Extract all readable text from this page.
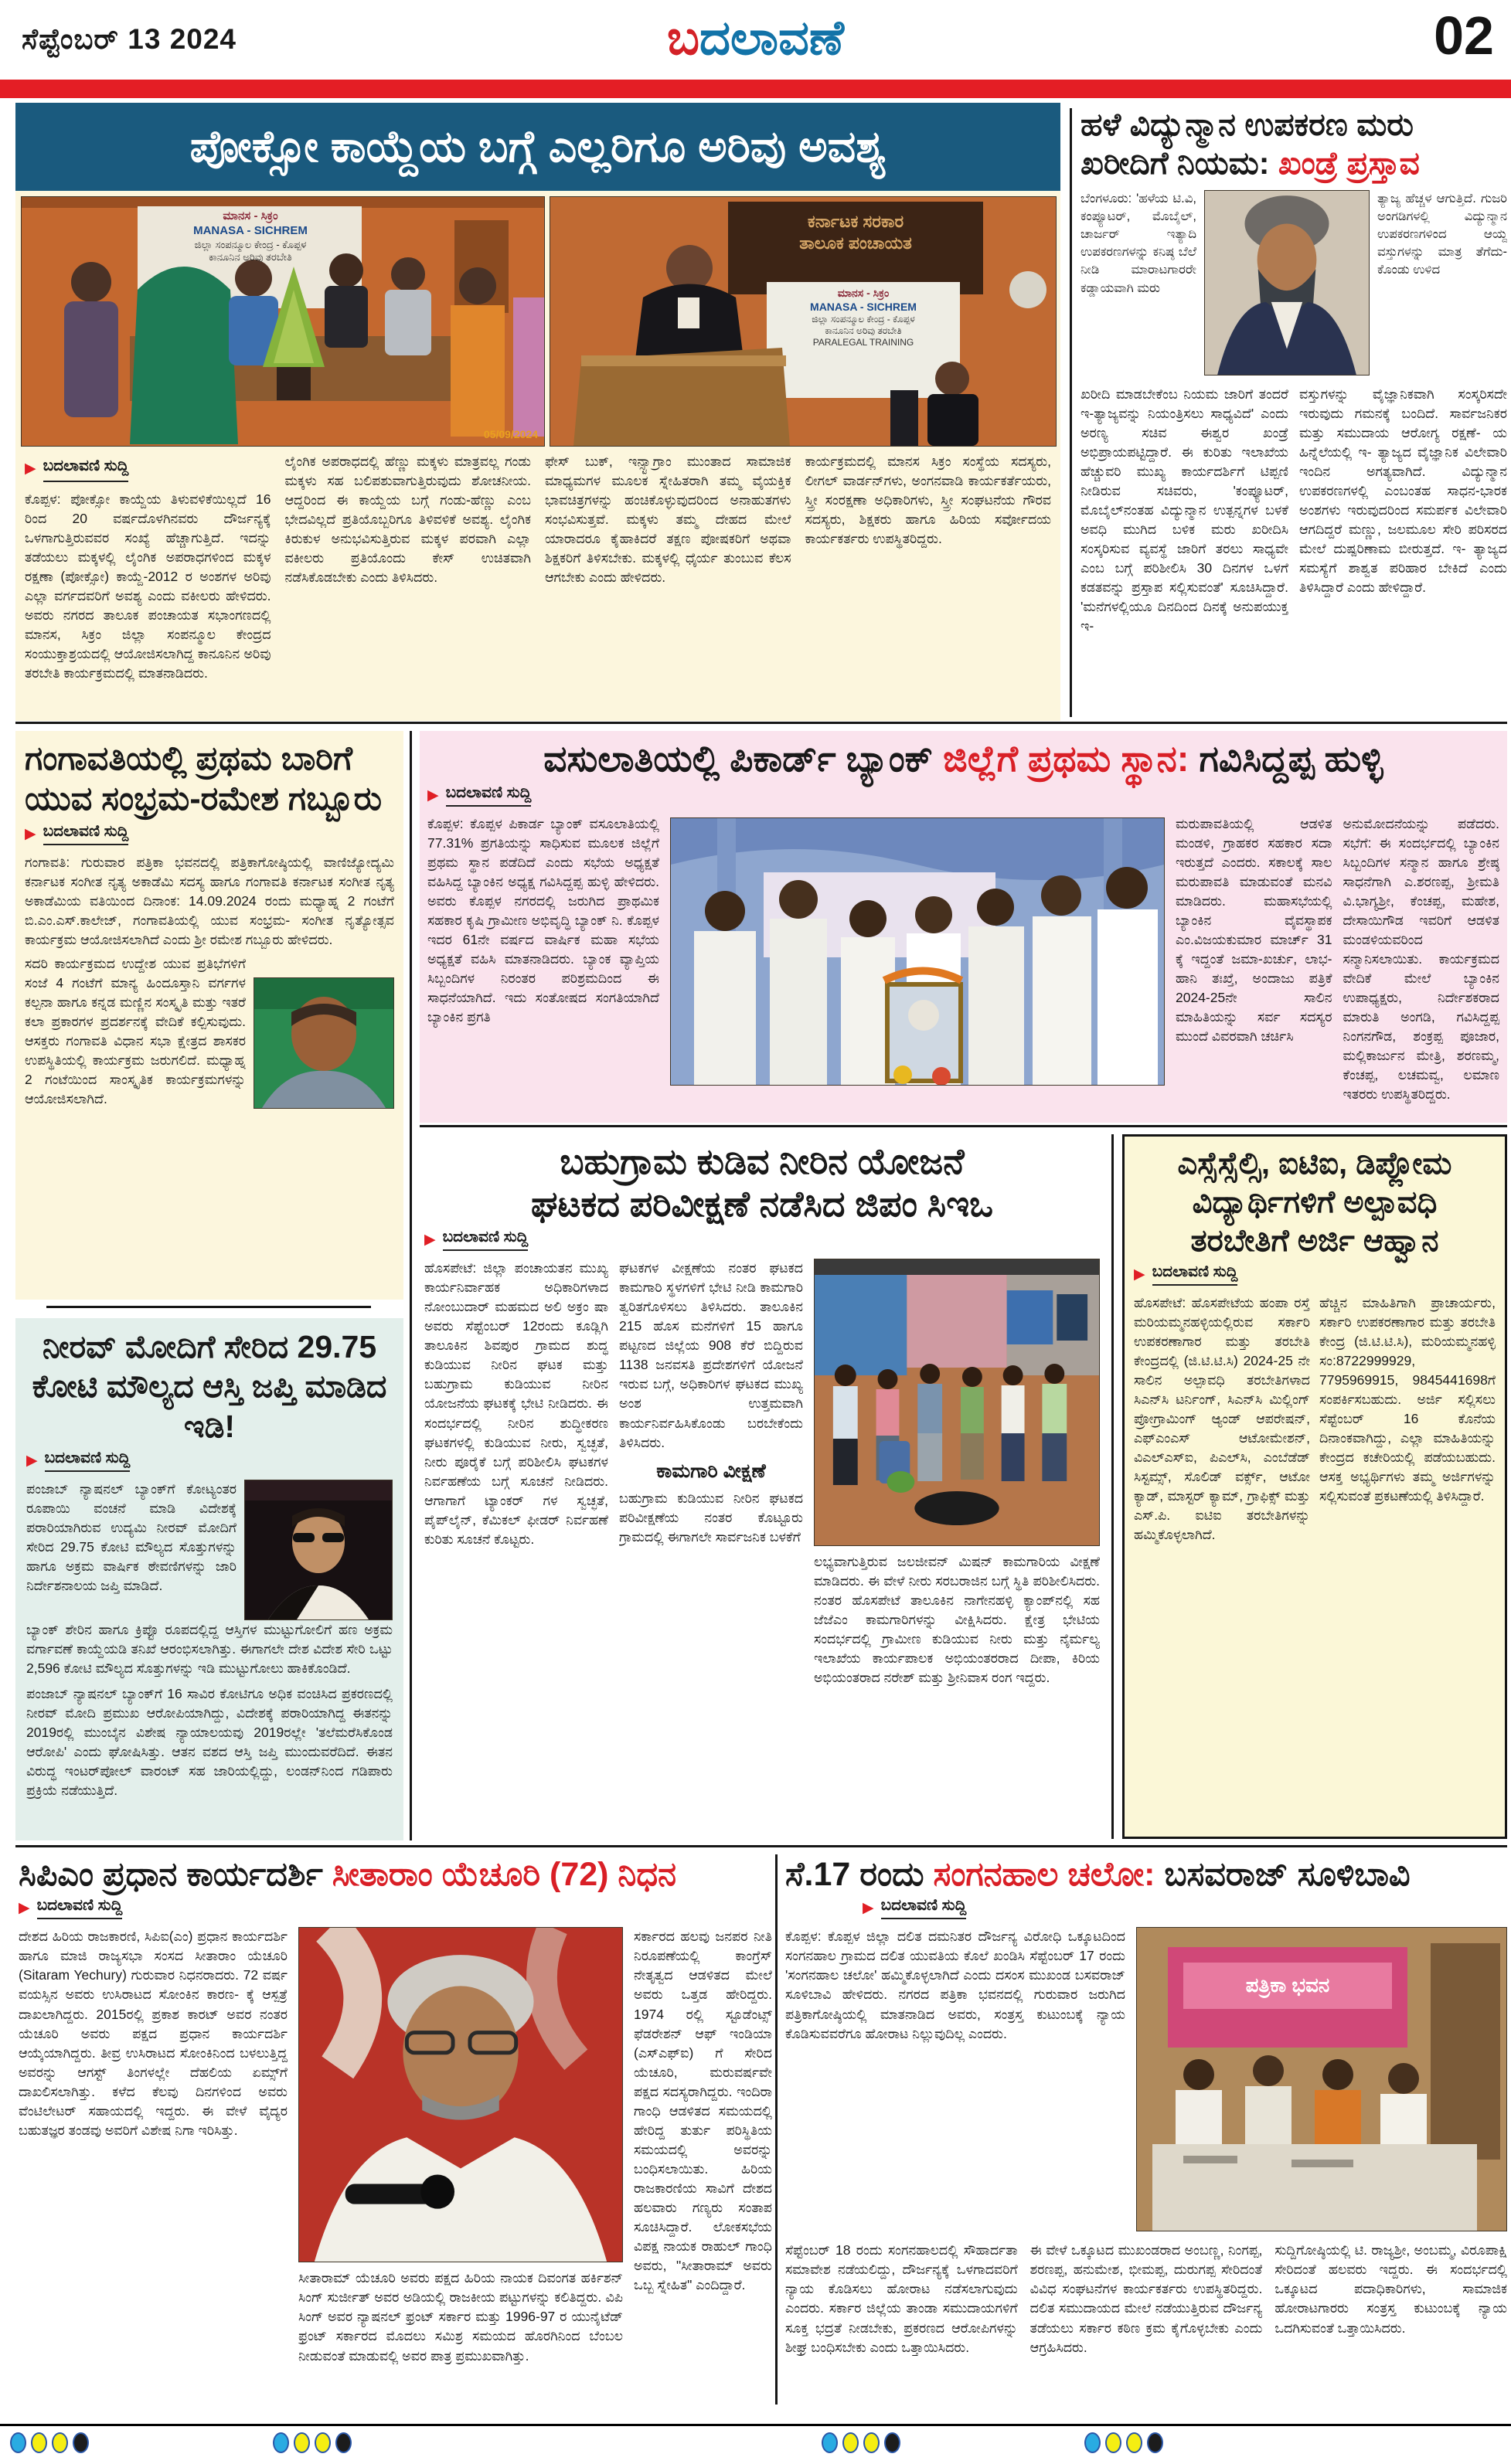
ಸೆಪ್ಟೆಂಬರ್ 13 2024	ಬದಲಾವಣೆ	02
ಪೋಕ್ಸೋ ಕಾಯ್ದೆಯ ಬಗ್ಗೆ ಎಲ್ಲರಿಗೂ ಅರಿವು ಅವಶ್ಯ
ಮಾನಸ - ಸಿಕ್ರಂ
MANASA - SICHREM
ಜಿಲ್ಲಾ ಸಂಪನ್ಮೂಲ ಕೇಂದ್ರ - ಕೊಪ್ಪಳ
ಕಾನೂನಿನ ಅರಿವು ತರಬೇತಿ
05/09/2024
ಕರ್ನಾಟಕ ಸರಕಾರ
ತಾಲೂಕ ಪಂಚಾಯತ
ಮಾನಸ - ಸಿಕ್ರಂ
MANASA - SICHREM
ಜಿಲ್ಲಾ ಸಂಪನ್ಮೂಲ ಕೇಂದ್ರ - ಕೊಪ್ಪಳ
ಕಾನೂನಿನ ಅರಿವು ತರಬೇತಿ
PARALEGAL TRAINING
▶ ಬದಲಾವಣಿ ಸುದ್ದಿ
ಕೊಪ್ಪಳ: ಪೋಕ್ಸೋ ಕಾಯ್ದೆಯ ತಿಳುವಳಿಕೆಯಿಲ್ಲದೆ 16 ರಿಂದ 20 ವರ್ಷದೊಳಗಿನವರು ದೌರ್ಜನ್ಯಕ್ಕೆ ಒಳಗಾಗುತ್ತಿರುವವರ ಸಂಖ್ಯೆ ಹೆಚ್ಚಾಗುತ್ತಿದೆ. ಇದನ್ನು ತಡೆಯಲು ಮಕ್ಕಳಲ್ಲಿ ಲೈಂಗಿಕ ಅಪರಾಧಗಳಿಂದ ಮಕ್ಕಳ ರಕ್ಷಣಾ (ಪೋಕ್ಸೋ) ಕಾಯ್ದೆ-2012 ರ ಅಂಶಗಳ ಅರಿವು ಎಲ್ಲಾ ವರ್ಗದವರಿಗೆ ಅವಶ್ಯ ಎಂದು ವಕೀಲರು ಹೇಳಿದರು. ಅವರು ನಗರದ ತಾಲೂಕ ಪಂಚಾಯತ ಸಭಾಂಗಣದಲ್ಲಿ ಮಾನಸ, ಸಿಕ್ರಂ ಜಿಲ್ಲಾ ಸಂಪನ್ಮೂಲ ಕೇಂದ್ರದ ಸಂಯುಕ್ತಾಶ್ರಯದಲ್ಲಿ ಆಯೋಜಿಸಲಾಗಿದ್ದ ಕಾನೂನಿನ ಅರಿವು ತರಬೇತಿ ಕಾರ್ಯಕ್ರಮದಲ್ಲಿ ಮಾತನಾಡಿದರು.
ಲೈಂಗಿಕ ಅಪರಾಧದಲ್ಲಿ ಹೆಣ್ಣು ಮಕ್ಕಳು ಮಾತ್ರವಲ್ಲ ಗಂಡು ಮಕ್ಕಳು ಸಹ ಬಲಿಪಶುವಾಗುತ್ತಿರುವುದು ಶೋಚನೀಯ. ಆದ್ದರಿಂದ ಈ ಕಾಯ್ದೆಯ ಬಗ್ಗೆ ಗಂಡು-ಹೆಣ್ಣು ಎಂಬ ಭೇದವಿಲ್ಲದೆ ಪ್ರತಿಯೊಬ್ಬರಿಗೂ ತಿಳಿವಳಿಕೆ ಅವಶ್ಯ. ಲೈಂಗಿಕ ಕಿರುಕುಳ ಅನುಭವಿಸುತ್ತಿರುವ ಮಕ್ಕಳ ಪರವಾಗಿ ಎಲ್ಲಾ ವಕೀಲರು ಪ್ರತಿಯೊಂದು ಕೇಸ್ ಉಚಿತವಾಗಿ ನಡೆಸಿಕೊಡಬೇಕು ಎಂದು ತಿಳಿಸಿದರು.
ಫೇಸ್ ಬುಕ್, ಇನ್ಸ್ಟಾಗ್ರಾಂ ಮುಂತಾದ ಸಾಮಾಜಿಕ ಮಾಧ್ಯಮಗಳ ಮೂಲಕ ಸ್ನೇಹಿತರಾಗಿ ತಮ್ಮ ವೈಯಕ್ತಿಕ ಭಾವಚಿತ್ರಗಳನ್ನು ಹಂಚಿಕೊಳ್ಳುವುದರಿಂದ ಅನಾಹುತಗಳು ಸಂಭವಿಸುತ್ತವೆ. ಮಕ್ಕಳು ತಮ್ಮ ದೇಹದ ಮೇಲೆ ಯಾರಾದರೂ ಕೈಹಾಕಿದರೆ ತಕ್ಷಣ ಪೋಷಕರಿಗೆ ಅಥವಾ ಶಿಕ್ಷಕರಿಗೆ ತಿಳಿಸಬೇಕು. ಮಕ್ಕಳಲ್ಲಿ ಧೈರ್ಯ ತುಂಬುವ ಕೆಲಸ ಆಗಬೇಕು ಎಂದು ಹೇಳಿದರು.
ಕಾರ್ಯಕ್ರಮದಲ್ಲಿ ಮಾನಸ ಸಿಕ್ರಂ ಸಂಸ್ಥೆಯ ಸದಸ್ಯರು, ಲೀಗಲ್ ವಾರ್ಡನ್‌ಗಳು, ಅಂಗನವಾಡಿ ಕಾರ್ಯಕರ್ತೆಯರು, ಸ್ತ್ರೀ ಸಂರಕ್ಷಣಾ ಅಧಿಕಾರಿಗಳು, ಸ್ತ್ರೀ ಸಂಘಟನೆಯ ಗೌರವ ಸದಸ್ಯರು, ಶಿಕ್ಷಕರು ಹಾಗೂ ಹಿರಿಯ ಸರ್ವೋದಯ ಕಾರ್ಯಕರ್ತರು ಉಪಸ್ಥಿತರಿದ್ದರು.
ಹಳೆ ವಿದ್ಯುನ್ಮಾನ ಉಪಕರಣ ಮರು ಖರೀದಿಗೆ ನಿಯಮ: ಖಂಡ್ರೆ ಪ್ರಸ್ತಾವ
ಬೆಂಗಳೂರು: 'ಹಳೆಯ ಟಿ.ವಿ, ಕಂಪ್ಯೂಟರ್, ಮೊಬೈಲ್, ಚಾರ್ಜರ್ ಇತ್ಯಾದಿ ಉಪಕರಣಗಳನ್ನು ಕನಿಷ್ಠ ಬೆಲೆ ನೀಡಿ ಮಾರಾಟಗಾರರೇ ಕಡ್ಡಾಯವಾಗಿ ಮರು
ತ್ಯಾಜ್ಯ ಹೆಚ್ಚಳ ಆಗುತ್ತಿದೆ. ಗುಜರಿ ಅಂಗಡಿಗಳಲ್ಲಿ ವಿದ್ಯುನ್ಮಾನ ಉಪಕರಣಗಳಿಂದ ಆಯ್ದ ವಸ್ತುಗಳನ್ನು ಮಾತ್ರ ತೆಗೆದು- ಕೊಂಡು ಉಳಿದ
ಖರೀದಿ ಮಾಡಬೇಕೆಂಬ ನಿಯಮ ಜಾರಿಗೆ ತಂದರೆ ಇ-ತ್ಯಾಜ್ಯವನ್ನು ನಿಯಂತ್ರಿಸಲು ಸಾಧ್ಯವಿದೆ' ಎಂದು ಅರಣ್ಯ ಸಚಿವ ಈಶ್ವರ ಖಂಡ್ರೆ ಅಭಿಪ್ರಾಯಪಟ್ಟಿದ್ದಾರೆ. ಈ ಕುರಿತು ಇಲಾಖೆಯ ಹೆಚ್ಚುವರಿ ಮುಖ್ಯ ಕಾರ್ಯದರ್ಶಿಗೆ ಟಿಪ್ಪಣಿ ನೀಡಿರುವ ಸಚಿವರು, 'ಕಂಪ್ಯೂಟರ್, ಮೊಬೈಲ್‌ನಂತಹ ವಿದ್ಯುನ್ಮಾನ ಉತ್ಪನ್ನಗಳ ಬಳಕೆ ಅವಧಿ ಮುಗಿದ ಬಳಿಕ ಮರು ಖರೀದಿಸಿ ಸಂಸ್ಕರಿಸುವ ವ್ಯವಸ್ಥೆ ಜಾರಿಗೆ ತರಲು ಸಾಧ್ಯವೇ ಎಂಬ ಬಗ್ಗೆ ಪರಿಶೀಲಿಸಿ 30 ದಿನಗಳ ಒಳಗೆ ಕಡತವನ್ನು ಪ್ರಸ್ತಾಪ ಸಲ್ಲಿಸುವಂತೆ' ಸೂಚಿಸಿದ್ದಾರೆ. 'ಮನೆಗಳಲ್ಲಿಯೂ ದಿನದಿಂದ ದಿನಕ್ಕೆ ಅನುಪಯುಕ್ತ ಇ-
ವಸ್ತುಗಳನ್ನು ವೈಜ್ಞಾನಿಕವಾಗಿ ಸಂಸ್ಕರಿಸದೇ ಇರುವುದು ಗಮನಕ್ಕೆ ಬಂದಿದೆ. ಸಾರ್ವಜನಿಕರ ಮತ್ತು ಸಮುದಾಯ ಆರೋಗ್ಯ ರಕ್ಷಣೆ- ಯ ಹಿನ್ನೆಲೆಯಲ್ಲಿ ಇ- ತ್ಯಾಜ್ಯದ ವೈಜ್ಞಾನಿಕ ವಿಲೇವಾರಿ ಇಂದಿನ ಅಗತ್ಯವಾಗಿದೆ. ವಿದ್ಯುನ್ಮಾನ ಉಪಕರಣಗಳಲ್ಲಿ ಎಂಬಂತಹ ಸಾಧನ-ಭಾರಕ ಅಂಶಗಳು ಇರುವುದರಿಂದ ಸಮರ್ಪಕ ವಿಲೇವಾರಿ ಆಗದಿದ್ದರೆ ಮಣ್ಣು, ಜಲಮೂಲ ಸೇರಿ ಪರಿಸರದ ಮೇಲೆ ದುಷ್ಪರಿಣಾಮ ಬೀರುತ್ತದೆ. ಇ- ತ್ಯಾಜ್ಯದ ಸಮಸ್ಯೆಗೆ ಶಾಶ್ವತ ಪರಿಹಾರ ಬೇಕಿದೆ ಎಂದು ತಿಳಿಸಿದ್ದಾರೆ ಎಂದು ಹೇಳಿದ್ದಾರೆ.
ಗಂಗಾವತಿಯಲ್ಲಿ ಪ್ರಥಮ ಬಾರಿಗೆ ಯುವ ಸಂಭ್ರಮ-ರಮೇಶ ಗಬ್ಬೂರು
▶ ಬದಲಾವಣಿ ಸುದ್ದಿ
ಗಂಗಾವತಿ: ಗುರುವಾರ ಪತ್ರಿಕಾ ಭವನದಲ್ಲಿ ಪತ್ರಿಕಾಗೋಷ್ಠಿಯಲ್ಲಿ ವಾಣಿಜ್ಯೋದ್ಯಮಿ ಕರ್ನಾಟಕ ಸಂಗೀತ ನೃತ್ಯ ಅಕಾಡೆಮಿ ಸದಸ್ಯ ಹಾಗೂ ಗಂಗಾವತಿ ಕರ್ನಾಟಕ ಸಂಗೀತ ನೃತ್ಯ ಅಕಾಡೆಮಿಯ ವತಿಯಿಂದ ದಿನಾಂಕ: 14.09.2024 ರಂದು ಮಧ್ಯಾಹ್ನ 2 ಗಂಟೆಗೆ ಬಿ.ಎಂ.ಎಸ್.ಕಾಲೇಜ್, ಗಂಗಾವತಿಯಲ್ಲಿ ಯುವ ಸಂಭ್ರಮ- ಸಂಗೀತ ನೃತ್ಯೋತ್ಸವ ಕಾರ್ಯಕ್ರಮ ಆಯೋಜಿಸಲಾಗಿದೆ ಎಂದು ಶ್ರೀ ರಮೇಶ ಗಬ್ಬೂರು ಹೇಳಿದರು.
ಸದರಿ ಕಾರ್ಯಕ್ರಮದ ಉದ್ದೇಶ ಯುವ ಪ್ರತಿಭೆಗಳಿಗೆ ಸಂಜೆ 4 ಗಂಟೆಗೆ ಮಾನ್ಯ ಹಿಂದೂಸ್ತಾನಿ ವರ್ಗಗಳ ಕಲ್ಪನಾ ಹಾಗೂ ಕನ್ನಡ ಮಣ್ಣಿನ ಸಂಸ್ಕೃತಿ ಮತ್ತು ಇತರೆ ಕಲಾ ಪ್ರಕಾರಗಳ ಪ್ರದರ್ಶನಕ್ಕೆ ವೇದಿಕೆ ಕಲ್ಪಿಸುವುದು. ಆಸಕ್ತರು ಗಂಗಾವತಿ ವಿಧಾನ ಸಭಾ ಕ್ಷೇತ್ರದ ಶಾಸಕರ ಉಪಸ್ಥಿತಿಯಲ್ಲಿ ಕಾರ್ಯಕ್ರಮ ಜರುಗಲಿದೆ. ಮಧ್ಯಾಹ್ನ 2 ಗಂಟೆಯಿಂದ ಸಾಂಸ್ಕೃತಿಕ ಕಾರ್ಯಕ್ರಮಗಳನ್ನು ಆಯೋಜಿಸಲಾಗಿದೆ.
ನೀರವ್ ಮೋದಿಗೆ ಸೇರಿದ 29.75 ಕೋಟಿ ಮೌಲ್ಯದ ಆಸ್ತಿ ಜಪ್ತಿ ಮಾಡಿದ ಇಡಿ!
▶ ಬದಲಾವಣಿ ಸುದ್ದಿ
ಪಂಜಾಬ್ ನ್ಯಾಷನಲ್ ಬ್ಯಾಂಕ್‌ಗೆ ಕೋಟ್ಯಂತರ ರೂಪಾಯಿ ವಂಚನೆ ಮಾಡಿ ವಿದೇಶಕ್ಕೆ ಪರಾರಿಯಾಗಿರುವ ಉದ್ಯಮಿ ನೀರವ್ ಮೋದಿಗೆ ಸೇರಿದ 29.75 ಕೋಟಿ ಮೌಲ್ಯದ ಸೊತ್ತುಗಳನ್ನು ಹಾಗೂ ಅಕ್ರಮ ವಾರ್ಷಿಕ ಠೇವಣಿಗಳನ್ನು ಜಾರಿ ನಿರ್ದೇಶನಾಲಯ ಜಪ್ತಿ ಮಾಡಿದೆ.
ಬ್ಯಾಂಕ್ ಶೇರಿನ ಹಾಗೂ ಕ್ರಿಪ್ಟೊ ರೂಪದಲ್ಲಿದ್ದ ಆಸ್ತಿಗಳ ಮುಟ್ಟುಗೋಲಿಗೆ ಹಣ ಅಕ್ರಮ ವರ್ಗಾವಣೆ ಕಾಯ್ದೆಯಡಿ ತನಿಖೆ ಆರಂಭಿಸಲಾಗಿತ್ತು. ಈಗಾಗಲೇ ದೇಶ ವಿದೇಶ ಸೇರಿ ಒಟ್ಟು 2,596 ಕೋಟಿ ಮೌಲ್ಯದ ಸೊತ್ತುಗಳನ್ನು ಇಡಿ ಮುಟ್ಟುಗೋಲು ಹಾಕಿಕೊಂಡಿದೆ.
ಪಂಜಾಬ್ ನ್ಯಾಷನಲ್ ಬ್ಯಾಂಕ್‌ಗೆ 16 ಸಾವಿರ ಕೋಟಿಗೂ ಅಧಿಕ ವಂಚಿಸಿದ ಪ್ರಕರಣದಲ್ಲಿ ನೀರವ್ ಮೋದಿ ಪ್ರಮುಖ ಆರೋಪಿಯಾಗಿದ್ದು, ವಿದೇಶಕ್ಕೆ ಪರಾರಿಯಾಗಿದ್ದ ಈತನನ್ನು 2019ರಲ್ಲಿ ಮುಂಬೈನ ವಿಶೇಷ ನ್ಯಾಯಾಲಯವು 2019ರಲ್ಲೇ 'ತಲೆಮರೆಸಿಕೊಂಡ ಆರೋಪಿ' ಎಂದು ಘೋಷಿಸಿತ್ತು. ಆತನ ವಶದ ಆಸ್ತಿ ಜಪ್ತಿ ಮುಂದುವರೆದಿದೆ. ಈತನ ವಿರುದ್ಧ ಇಂಟರ್‌ಪೋಲ್ ವಾರಂಟ್ ಸಹ ಜಾರಿಯಲ್ಲಿದ್ದು, ಲಂಡನ್‌ನಿಂದ ಗಡಿಪಾರು ಪ್ರಕ್ರಿಯೆ ನಡೆಯುತ್ತಿದೆ.
ವಸುಲಾತಿಯಲ್ಲಿ ಪಿಕಾರ್ಡ್ ಬ್ಯಾಂಕ್ ಜಿಲ್ಲೆಗೆ ಪ್ರಥಮ ಸ್ಥಾನ: ಗವಿಸಿದ್ದಪ್ಪ ಹುಳ್ಳಿ
▶ ಬದಲಾವಣಿ ಸುದ್ದಿ
ಕೊಪ್ಪಳ: ಕೊಪ್ಪಳ ಪಿಕಾರ್ಡ ಬ್ಯಾಂಕ್ ವಸೂಲಾತಿಯಲ್ಲಿ 77.31% ಪ್ರಗತಿಯನ್ನು ಸಾಧಿಸುವ ಮೂಲಕ ಜಿಲ್ಲೆಗೆ ಪ್ರಥಮ ಸ್ಥಾನ ಪಡೆದಿದೆ ಎಂದು ಸಭೆಯ ಅಧ್ಯಕ್ಷತೆ ವಹಿಸಿದ್ದ ಬ್ಯಾಂಕಿನ ಅಧ್ಯಕ್ಷ ಗವಿಸಿದ್ದಪ್ಪ ಹುಳ್ಳಿ ಹೇಳಿದರು. ಅವರು ಕೊಪ್ಪಳ ನಗರದಲ್ಲಿ ಜರುಗಿದ ಪ್ರಾಥಮಿಕ ಸಹಕಾರ ಕೃಷಿ ಗ್ರಾಮೀಣ ಅಭಿವೃದ್ಧಿ ಬ್ಯಾಂಕ್ ನಿ. ಕೊಪ್ಪಳ ಇದರ 61ನೇ ವರ್ಷದ ವಾರ್ಷಿಕ ಮಹಾ ಸಭೆಯ ಅಧ್ಯಕ್ಷತೆ ವಹಿಸಿ ಮಾತನಾಡಿದರು. ಬ್ಯಾಂಕ ವ್ಯಾಪ್ತಿಯ ಸಿಬ್ಬಂದಿಗಳ ನಿರಂತರ ಪರಿಶ್ರಮದಿಂದ ಈ ಸಾಧನೆಯಾಗಿದೆ. ಇದು ಸಂತೋಷದ ಸಂಗತಿಯಾಗಿದೆ ಬ್ಯಾಂಕಿನ ಪ್ರಗತಿ
ಮರುಪಾವತಿಯಲ್ಲಿ ಆಡಳಿತ ಮಂಡಳಿ, ಗ್ರಾಹಕರ ಸಹಕಾರ ಸದಾ ಇರುತ್ತದೆ ಎಂದರು. ಸಕಾಲಕ್ಕೆ ಸಾಲ ಮರುಪಾವತಿ ಮಾಡುವಂತೆ ಮನವಿ ಮಾಡಿದರು. ಮಹಾಸಭೆಯಲ್ಲಿ ಬ್ಯಾಂಕಿನ ವೈವಸ್ಥಾಪಕ ಎಂ.ವಿಜಯಕುಮಾರ ಮಾರ್ಚ್ 31 ಕ್ಕೆ ಇದ್ದಂತೆ ಜಮಾ-ಖರ್ಚು, ಲಾಭ-ಹಾನಿ ತಃಖ್ತೆ, ಅಂದಾಜು ಪತ್ರಿಕೆ 2024-25ನೇ ಸಾಲಿನ ಮಾಹಿತಿಯನ್ನು ಸರ್ವ ಸದಸ್ಯರ ಮುಂದೆ ವಿವರವಾಗಿ ಚರ್ಚಿಸಿ
ಅನುಮೋದನೆಯನ್ನು ಪಡೆದರು. ಸಭೆಗೆ: ಈ ಸಂದರ್ಭದಲ್ಲಿ ಬ್ಯಾಂಕಿನ ಸಿಬ್ಬಂದಿಗಳ ಸನ್ಮಾನ ಹಾಗೂ ಶ್ರೇಷ್ಠ ಸಾಧನೆಗಾಗಿ ಎ.ಶರಣಪ್ಪ, ಶ್ರೀಮತಿ ವಿ.ಭಾಗ್ಯಶ್ರೀ, ಕೆಂಚಪ್ಪ, ಮಹೇಶ, ದೇಸಾಯಿಗೌಡ ಇವರಿಗೆ ಆಡಳಿತ ಮಂಡಳಿಯವರಿಂದ ಸನ್ಮಾನಿಸಲಾಯಿತು. ಕಾರ್ಯಕ್ರಮದ ವೇದಿಕೆ ಮೇಲೆ ಬ್ಯಾಂಕಿನ ಉಪಾಧ್ಯಕ್ಷರು, ನಿರ್ದೇಶಕರಾದ ಮಾರುತಿ ಅಂಗಡಿ, ಗವಿಸಿದ್ದಪ್ಪ ನಿಂಗನಗೌಡ, ಶಂಕ್ರಪ್ಪ ಪೂಜಾರ, ಮಲ್ಲಿಕಾರ್ಜುನ ಮೇತ್ರಿ, ಶರಣಮ್ಮ, ಕೆಂಚಪ್ಪ, ಲಚಮವ್ವ, ಲಮಾಣ ಇತರರು ಉಪಸ್ಥಿತರಿದ್ದರು.
ಬಹುಗ್ರಾಮ ಕುಡಿವ ನೀರಿನ ಯೋಜನೆ
ಘಟಕದ ಪರಿವೀಕ್ಷಣೆ ನಡೆಸಿದ ಜಿಪಂ ಸಿಇಒ
▶ ಬದಲಾವಣಿ ಸುದ್ದಿ
ಹೊಸಪೇಟೆ: ಜಿಲ್ಲಾ ಪಂಚಾಯತನ ಮುಖ್ಯ ಕಾರ್ಯನಿರ್ವಾಹಕ ಅಧಿಕಾರಿಗಳಾದ ನೋಂಬುದಾರ್ ಮಹಮದ ಅಲಿ ಅಕ್ರಂ ಷಾ ಅವರು ಸೆಪ್ಟೆಂಬರ್ 12ರಂದು ಕೂಡ್ಲಿಗಿ ತಾಲೂಕಿನ ಶಿವಪುರ ಗ್ರಾಮದ ಶುದ್ಧ ಕುಡಿಯುವ ನೀರಿನ ಘಟಕ ಮತ್ತು ಬಹುಗ್ರಾಮ ಕುಡಿಯುವ ನೀರಿನ ಯೋಜನೆಯ ಘಟಕಕ್ಕೆ ಭೇಟಿ ನೀಡಿದರು. ಈ ಸಂದರ್ಭದಲ್ಲಿ ನೀರಿನ ಶುದ್ಧೀಕರಣ ಘಟಕಗಳಲ್ಲಿ ಕುಡಿಯುವ ನೀರು, ಸ್ವಚ್ಛತೆ, ನೀರು ಪೂರೈಕೆ ಬಗ್ಗೆ ಪರಿಶೀಲಿಸಿ ಘಟಕಗಳ ನಿರ್ವಹಣೆಯ ಬಗ್ಗೆ ಸೂಚನೆ ನೀಡಿದರು. ಆಗಾಗಾಗೆ ಟ್ಯಾಂಕರ್ ಗಳ ಸ್ವಚ್ಛತೆ, ಪೈಪ್‌ಲೈನ್, ಕೆಮಿಕಲ್ ಫೀಡರ್ ನಿರ್ವಹಣೆ ಕುರಿತು ಸೂಚನೆ ಕೊಟ್ಟರು.
ಘಟಕಗಳ ವೀಕ್ಷಣೆಯ ನಂತರ ಘಟಕದ ಕಾಮಗಾರಿ ಸ್ಥಳಗಳಿಗೆ ಭೇಟಿ ನೀಡಿ ಕಾಮಗಾರಿ ತ್ವರಿತಗೊಳಿಸಲು ತಿಳಿಸಿದರು. ತಾಲೂಕಿನ 215 ಹೊಸ ಮನೆಗಳಿಗೆ 15 ಹಾಗೂ ಪಟ್ಟಣದ ಜಿಲ್ಲೆಯ 908 ಕೆರೆ ಬಿದ್ದಿರುವ 1138 ಜನವಸತಿ ಪ್ರದೇಶಗಳಿಗೆ ಯೋಜನೆ ಇರುವ ಬಗ್ಗೆ, ಅಧಿಕಾರಿಗಳ ಘಟಕದ ಮುಖ್ಯ ಅಂಶ ಉತ್ತಮವಾಗಿ ಕಾರ್ಯನಿರ್ವಹಿಸಿಕೊಂಡು ಬರಬೇಕೆಂದು ತಿಳಿಸಿದರು.
ಕಾಮಗಾರಿ ವೀಕ್ಷಣೆ
ಬಹುಗ್ರಾಮ ಕುಡಿಯುವ ನೀರಿನ ಘಟಕದ ಪರಿವೀಕ್ಷಣೆಯ ನಂತರ ಕೊಟ್ಟೂರು ಗ್ರಾಮದಲ್ಲಿ ಈಗಾಗಲೇ ಸಾರ್ವಜನಿಕ ಬಳಕೆಗೆ
ಲಭ್ಯವಾಗುತ್ತಿರುವ ಜಲಜೀವನ್ ಮಿಷನ್ ಕಾಮಗಾರಿಯ ವೀಕ್ಷಣೆ ಮಾಡಿದರು. ಈ ವೇಳೆ ನೀರು ಸರಬರಾಜಿನ ಬಗ್ಗೆ ಸ್ಥಿತಿ ಪರಿಶೀಲಿಸಿದರು. ನಂತರ ಹೊಸಪೇಟೆ ತಾಲೂಕಿನ ನಾಗೇನಹಳ್ಳಿ ಕ್ಯಾಂಪ್‌ನಲ್ಲಿ ಸಹ ಜೆಜೆಎಂ ಕಾಮಗಾರಿಗಳನ್ನು ವೀಕ್ಷಿಸಿದರು. ಕ್ಷೇತ್ರ ಭೇಟಿಯ ಸಂದರ್ಭದಲ್ಲಿ ಗ್ರಾಮೀಣ ಕುಡಿಯುವ ನೀರು ಮತ್ತು ನೈರ್ಮಲ್ಯ ಇಲಾಖೆಯ ಕಾರ್ಯಪಾಲಕ ಅಭಿಯಂತರರಾದ ದೀಪಾ, ಕಿರಿಯ ಅಭಿಯಂತರಾದ ನರೇಶ್ ಮತ್ತು ಶ್ರೀನಿವಾಸ ರಂಗ ಇದ್ದರು.
ಎಸ್ಸೆಸ್ಸೆಲ್ಸಿ, ಐಟಿಐ, ಡಿಪ್ಲೋಮ
ವಿದ್ಯಾರ್ಥಿಗಳಿಗೆ ಅಲ್ಪಾವಧಿ
ತರಬೇತಿಗೆ ಅರ್ಜಿ ಆಹ್ವಾನ
▶ ಬದಲಾವಣಿ ಸುದ್ದಿ
ಹೊಸಪೇಟೆ: ಹೊಸಪೇಟೆಯ ಹಂಪಾ ರಸ್ತೆ ಮರಿಯಮ್ಮನಹಳ್ಳಿಯಲ್ಲಿರುವ ಸರ್ಕಾರಿ ಉಪಕರಣಾಗಾರ ಮತ್ತು ತರಬೇತಿ ಕೇಂದ್ರದಲ್ಲಿ (ಜಿ.ಟಿ.ಟಿ.ಸಿ) 2024-25 ನೇ ಸಾಲಿನ ಅಲ್ಪಾವಧಿ ತರಬೇತಿಗಳಾದ ಸಿಎನ್‌ಸಿ ಟರ್ನಿಂಗ್, ಸಿಎನ್‌ಸಿ ಮಿಲ್ಲಿಂಗ್ ಪ್ರೋಗ್ರಾಮಿಂಗ್ ಆ್ಯಂಡ್ ಆಪರೇಷನ್, ಎಫ್‌ಎಂಎಸ್ ಆಟೋಮೇಶನ್, ವಿಎಲ್‌ಎಸ್‌ಐ, ಪಿಎಲ್‌ಸಿ, ಎಂಬೆಡೆಡ್ ಸಿಸ್ಟಮ್ಸ್, ಸೊಲಿಡ್ ವರ್ಕ್ಸ್, ಆಟೋ ಕ್ಯಾಡ್, ಮಾಸ್ಟರ್ ಕ್ಯಾಮ್, ಗ್ರಾಫಿಕ್ಸ್ ಮತ್ತು ಎಸ್.ಪಿ. ಐಟಿಐ ತರಬೇತಿಗಳನ್ನು ಹಮ್ಮಿಕೊಳ್ಳಲಾಗಿದೆ.
ಹೆಚ್ಚಿನ ಮಾಹಿತಿಗಾಗಿ ಪ್ರಾಚಾರ್ಯರು, ಸರ್ಕಾರಿ ಉಪಕರಣಾಗಾರ ಮತ್ತು ತರಬೇತಿ ಕೇಂದ್ರ (ಜಿ.ಟಿ.ಟಿ.ಸಿ), ಮರಿಯಮ್ಮನಹಳ್ಳಿ ಸಂ:8722999929, 7795969915, 9845441698ಗೆ ಸಂಪರ್ಕಿಸಬಹುದು. ಅರ್ಜಿ ಸಲ್ಲಿಸಲು ಸೆಪ್ಟೆಂಬರ್ 16 ಕೊನೆಯ ದಿನಾಂಕವಾಗಿದ್ದು, ಎಲ್ಲಾ ಮಾಹಿತಿಯನ್ನು ಕೇಂದ್ರದ ಕಚೇರಿಯಲ್ಲಿ ಪಡೆಯಬಹುದು. ಆಸಕ್ತ ಅಭ್ಯರ್ಥಿಗಳು ತಮ್ಮ ಅರ್ಜಿಗಳನ್ನು ಸಲ್ಲಿಸುವಂತೆ ಪ್ರಕಟಣೆಯಲ್ಲಿ ತಿಳಿಸಿದ್ದಾರೆ.
ಸಿಪಿಎಂ ಪ್ರಧಾನ ಕಾರ್ಯದರ್ಶಿ ಸೀತಾರಾಂ ಯೆಚೂರಿ (72) ನಿಧನ
▶ ಬದಲಾವಣಿ ಸುದ್ದಿ
ದೇಶದ ಹಿರಿಯ ರಾಜಕಾರಣಿ, ಸಿಪಿಐ(ಎಂ) ಪ್ರಧಾನ ಕಾರ್ಯದರ್ಶಿ ಹಾಗೂ ಮಾಜಿ ರಾಜ್ಯಸಭಾ ಸಂಸದ ಸೀತಾರಾಂ ಯೆಚೂರಿ (Sitaram Yechury) ಗುರುವಾರ ನಿಧನರಾದರು. 72 ವರ್ಷ ವಯಸ್ಸಿನ ಅವರು ಉಸಿರಾಟದ ಸೋಂಕಿನ ಕಾರಣ- ಕ್ಕೆ ಆಸ್ಪತ್ರೆ ದಾಖಲಾಗಿದ್ದರು. 2015ರಲ್ಲಿ ಪ್ರಕಾಶ ಕಾರಟ್ ಅವರ ನಂತರ ಯೆಚೂರಿ ಅವರು ಪಕ್ಷದ ಪ್ರಧಾನ ಕಾರ್ಯದರ್ಶಿ ಆಯ್ಕೆಯಾಗಿದ್ದರು. ತೀವ್ರ ಉಸಿರಾಟದ ಸೋಂಕಿನಿಂದ ಬಳಲುತ್ತಿದ್ದ ಅವರನ್ನು ಆಗಸ್ಟ್ ತಿಂಗಳಲ್ಲೇ ದೆಹಲಿಯ ಏಮ್ಸ್‌ಗೆ ದಾಖಲಿಸಲಾಗಿತ್ತು. ಕಳೆದ ಕೆಲವು ದಿನಗಳಿಂದ ಅವರು ವೆಂಟಿಲೇಟರ್ ಸಹಾಯದಲ್ಲಿ ಇದ್ದರು. ಈ ವೇಳೆ ವೈದ್ಯರ ಬಹುತಜ್ಞರ ತಂಡವು ಅವರಿಗೆ ವಿಶೇಷ ನಿಗಾ ಇರಿಸಿತ್ತು.
ಸೀತಾರಾಮ್ ಯೆಚೂರಿ ಅವರು ಪಕ್ಷದ ಹಿರಿಯ ನಾಯಕ ದಿವಂಗತ ಹರ್ಕಿಶನ್ ಸಿಂಗ್ ಸುರ್ಜೀತ್ ಅವರ ಅಡಿಯಲ್ಲಿ ರಾಜಕೀಯ ಪಟ್ಟುಗಳನ್ನು ಕಲಿತಿದ್ದರು. ವಿಪಿ ಸಿಂಗ್ ಅವರ ನ್ಯಾಷನಲ್ ಫ್ರಂಟ್ ಸರ್ಕಾರ ಮತ್ತು 1996-97 ರ ಯುನೈಟೆಡ್ ಫ್ರಂಟ್ ಸರ್ಕಾರದ ಮೊದಲು ಸಮಿಶ್ರ ಸಮಯದ ಹೊರಗಿನಿಂದ ಬೆಂಬಲ ನೀಡುವಂತೆ ಮಾಡುವಲ್ಲಿ ಅವರ ಪಾತ್ರ ಪ್ರಮುಖವಾಗಿತ್ತು.
ಸರ್ಕಾರದ ಹಲವು ಜನಪರ ನೀತಿ ನಿರೂಪಣೆಯಲ್ಲಿ ಕಾಂಗ್ರೆಸ್ ನೇತೃತ್ವದ ಆಡಳಿತದ ಮೇಲೆ ಅವರು ಒತ್ತಡ ಹೇರಿದ್ದರು. 1974 ರಲ್ಲಿ ಸ್ಟೂಡೆಂಟ್ಸ್ ಫೆಡರೇಶನ್ ಆಫ್ ಇಂಡಿಯಾ (ಎಸ್‌ಎಫ್‌ಐ) ಗೆ ಸೇರಿದ ಯೆಚೂರಿ, ಮರುವರ್ಷವೇ ಪಕ್ಷದ ಸದಸ್ಯರಾಗಿದ್ದರು. ಇಂದಿರಾ ಗಾಂಧಿ ಆಡಳಿತದ ಸಮಯದಲ್ಲಿ ಹೇರಿದ್ದ ತುರ್ತು ಪರಿಸ್ಥಿತಿಯ ಸಮಯದಲ್ಲಿ ಅವರನ್ನು ಬಂಧಿಸಲಾಯಿತು. ಹಿರಿಯ ರಾಜಕಾರಣಿಯ ಸಾವಿಗೆ ದೇಶದ ಹಲವಾರು ಗಣ್ಯರು ಸಂತಾಪ ಸೂಚಿಸಿದ್ದಾರೆ. ಲೋಕಸಭೆಯ ವಿಪಕ್ಷ ನಾಯಕ ರಾಹುಲ್ ಗಾಂಧಿ ಅವರು, "ಸೀತಾರಾಮ್ ಅವರು ಒಬ್ಬ ಸ್ನೇಹಿತ" ಎಂದಿದ್ದಾರೆ.
ಸೆ.17 ರಂದು ಸಂಗನಹಾಲ ಚಲೋ: ಬಸವರಾಜ್ ಸೂಳಿಬಾವಿ
▶ ಬದಲಾವಣಿ ಸುದ್ದಿ
ಕೊಪ್ಪಳ: ಕೊಪ್ಪಳ ಜಿಲ್ಲಾ ದಲಿತ ದಮನಿತರ ದೌರ್ಜನ್ಯ ವಿರೋಧಿ ಒಕ್ಕೂಟದಿಂದ ಸಂಗನಹಾಲ ಗ್ರಾಮದ ದಲಿತ ಯುವತಿಯ ಕೊಲೆ ಖಂಡಿಸಿ ಸೆಪ್ಟೆಂಬರ್ 17 ರಂದು 'ಸಂಗನಹಾಲ ಚಲೋ' ಹಮ್ಮಿಕೊಳ್ಳಲಾಗಿದೆ ಎಂದು ದಸಂಸ ಮುಖಂಡ ಬಸವರಾಜ್ ಸೂಳಿಬಾವಿ ಹೇಳಿದರು. ನಗರದ ಪತ್ರಿಕಾ ಭವನದಲ್ಲಿ ಗುರುವಾರ ಜರುಗಿದ ಪತ್ರಿಕಾಗೋಷ್ಠಿಯಲ್ಲಿ ಮಾತನಾಡಿದ ಅವರು, ಸಂತ್ರಸ್ತ ಕುಟುಂಬಕ್ಕೆ ನ್ಯಾಯ ಕೊಡಿಸುವವರೆಗೂ ಹೋರಾಟ ನಿಲ್ಲುವುದಿಲ್ಲ ಎಂದರು.
ಪತ್ರಿಕಾ ಭವನ
ಸೆಪ್ಟೆಂಬರ್ 18 ರಂದು ಸಂಗನಹಾಲದಲ್ಲಿ ಸೌಹಾರ್ದತಾ ಸಮಾವೇಶ ನಡೆಯಲಿದ್ದು, ದೌರ್ಜನ್ಯಕ್ಕೆ ಒಳಗಾದವರಿಗೆ ನ್ಯಾಯ ಕೊಡಿಸಲು ಹೋರಾಟ ನಡೆಸಲಾಗುವುದು ಎಂದರು. ಸರ್ಕಾರ ಜಿಲ್ಲೆಯ ತಾಂಡಾ ಸಮುದಾಯಗಳಿಗೆ ಸೂಕ್ತ ಭದ್ರತೆ ನೀಡಬೇಕು, ಪ್ರಕರಣದ ಆರೋಪಿಗಳನ್ನು ಶೀಘ್ರ ಬಂಧಿಸಬೇಕು ಎಂದು ಒತ್ತಾಯಿಸಿದರು.
ಈ ವೇಳೆ ಒಕ್ಕೂಟದ ಮುಖಂಡರಾದ ಅಂಬಣ್ಣ, ನಿಂಗಪ್ಪ, ಶರಣಪ್ಪ, ಹನುಮೇಶ, ಭೀಮಪ್ಪ, ದುರುಗಪ್ಪ ಸೇರಿದಂತೆ ವಿವಿಧ ಸಂಘಟನೆಗಳ ಕಾರ್ಯಕರ್ತರು ಉಪಸ್ಥಿತರಿದ್ದರು. ದಲಿತ ಸಮುದಾಯದ ಮೇಲೆ ನಡೆಯುತ್ತಿರುವ ದೌರ್ಜನ್ಯ ತಡೆಯಲು ಸರ್ಕಾರ ಕಠಿಣ ಕ್ರಮ ಕೈಗೊಳ್ಳಬೇಕು ಎಂದು ಆಗ್ರಹಿಸಿದರು.
ಸುದ್ದಿಗೋಷ್ಠಿಯಲ್ಲಿ ಟಿ. ರಾಜ್ಯಶ್ರೀ, ಅಂಬಮ್ಮ, ವಿರೂಪಾಕ್ಷಿ ಸೇರಿದಂತೆ ಹಲವರು ಇದ್ದರು. ಈ ಸಂದರ್ಭದಲ್ಲಿ ಒಕ್ಕೂಟದ ಪದಾಧಿಕಾರಿಗಳು, ಸಾಮಾಜಿಕ ಹೋರಾಟಗಾರರು ಸಂತ್ರಸ್ತ ಕುಟುಂಬಕ್ಕೆ ನ್ಯಾಯ ಒದಗಿಸುವಂತೆ ಒತ್ತಾಯಿಸಿದರು.
